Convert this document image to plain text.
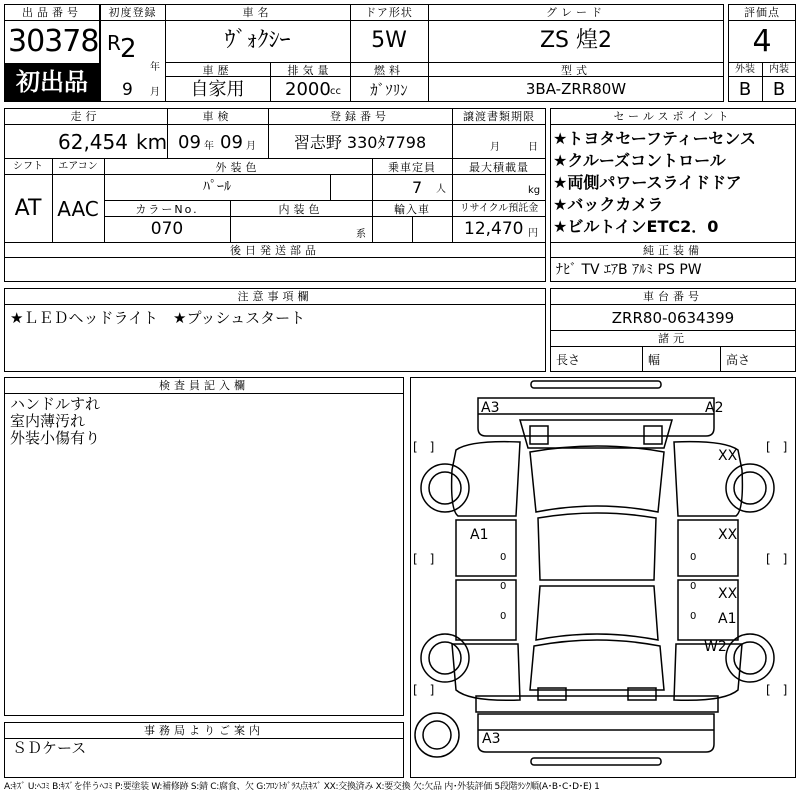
出品番号
30378
初出品
初度登録
R 2
年
9 月
車名
ｳﾞｫｸｼｰ
ドア形状
5W
グレード
ZS 煌2
車歴
自家用
排気量
2000 cc
燃料
ｶﾞｿﾘﾝ
型式
3BA-ZRR80W
評価点
4
外装	内装
B	B
走行
62,454 km
車検
09 年 09 月
登録番号
習志野 330ﾀ7798
譲渡書類期限
月	日
シフト
AT
エアコン
AAC
外装色
ﾊﾟｰﾙ
乗車定員
7 人
最大積載量
kg
カラーNo.
070
内装色
系
輸入車	リサイクル預託金
12,470 円
後日発送部品
セールスポイント
★トヨタセーフティーセンス
★クルーズコントロール
★両側パワースライドドア
★バックカメラ
★ビルトインETC2．0
純正装備
ﾅﾋﾞ TV ｴｱB ｱﾙﾐ PS PW
注意事項欄
★ＬＥＤヘッドライト　★プッシュスタート
車台番号
ZRR80-0634399
諸元
長さ	幅	高さ
検査員記入欄
ハンドルすれ
室内薄汚れ
外装小傷有り
事務局よりご案内
ＳＤケース
A3	A2
XX
A1	XX
XX
A1
W2
A3
0	0
0	0
0	0
[　]	[　]
[　]	[　]
[　]	[　]
A:ｷｽﾞ U:ﾍｺﾐ B:ｷｽﾞを伴うﾍｺﾐ P:要塗装 W:補修跡 S:錆 C:腐食、欠 G:ﾌﾛﾝﾄｶﾞﾗｽ点ｷｽﾞ XX:交換済み X:要交換 欠:欠品 内･外装評価 5段階ﾗﾝｸ順(A･B･C･D･E) 1
